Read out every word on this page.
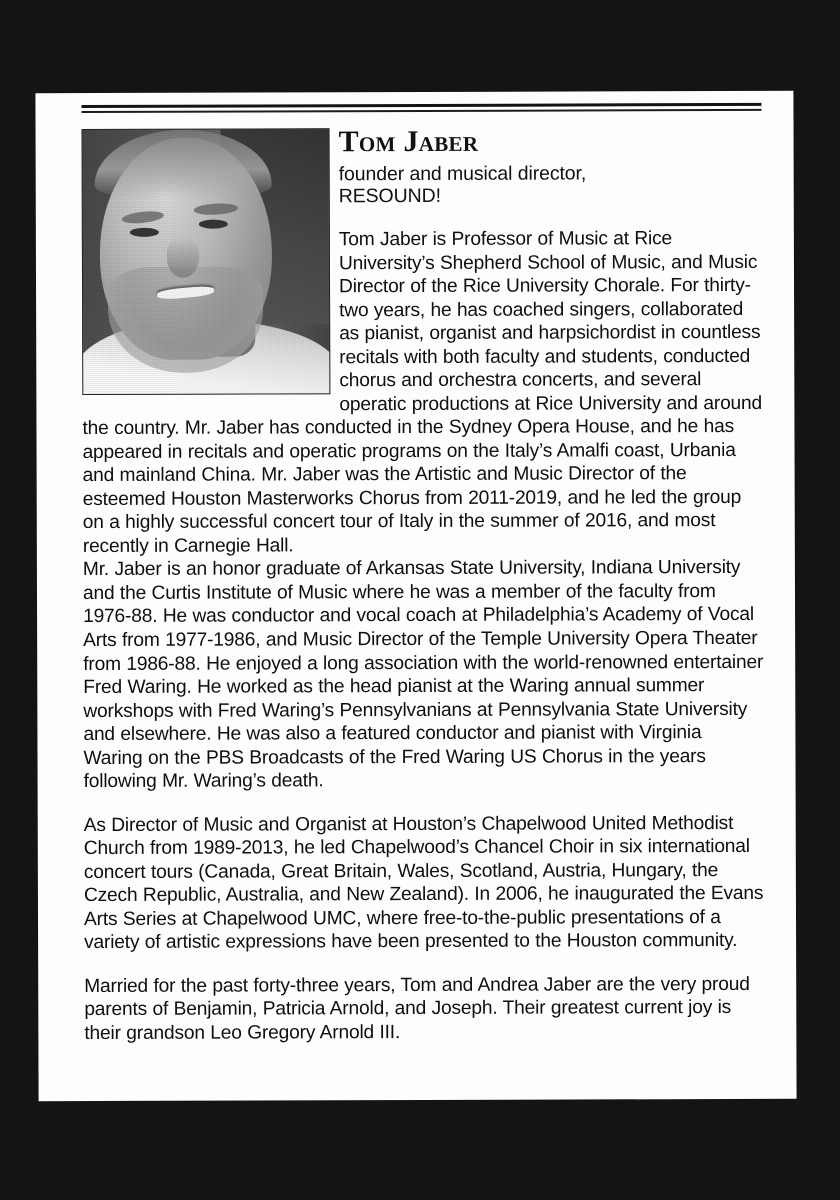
Tom Jaber
founder and musical director,
RESOUND!

Tom Jaber is Professor of Music at Rice University’s Shepherd School of Music, and Music Director of the Rice University Chorale. For thirty-two years, he has coached singers, collaborated as pianist, organist and harpsichordist in countless recitals with both faculty and students, conducted chorus and orchestra concerts, and several operatic productions at Rice University and around the country. Mr. Jaber has conducted in the Sydney Opera House, and he has appeared in recitals and operatic programs on the Italy’s Amalfi coast, Urbania and mainland China. Mr. Jaber was the Artistic and Music Director of the esteemed Houston Masterworks Chorus from 2011-2019, and he led the group on a highly successful concert tour of Italy in the summer of 2016, and most recently in Carnegie Hall.

Mr. Jaber is an honor graduate of Arkansas State University, Indiana University and the Curtis Institute of Music where he was a member of the faculty from 1976-88. He was conductor and vocal coach at Philadelphia’s Academy of Vocal Arts from 1977-1986, and Music Director of the Temple University Opera Theater from 1986-88. He enjoyed a long association with the world-renowned entertainer Fred Waring. He worked as the head pianist at the Waring annual summer workshops with Fred Waring’s Pennsylvanians at Pennsylvania State University and elsewhere. He was also a featured conductor and pianist with Virginia Waring on the PBS Broadcasts of the Fred Waring US Chorus in the years following Mr. Waring’s death.

As Director of Music and Organist at Houston’s Chapelwood United Methodist Church from 1989-2013, he led Chapelwood’s Chancel Choir in six international concert tours (Canada, Great Britain, Wales, Scotland, Austria, Hungary, the Czech Republic, Australia, and New Zealand). In 2006, he inaugurated the Evans Arts Series at Chapelwood UMC, where free-to-the-public presentations of a variety of artistic expressions have been presented to the Houston community.

Married for the past forty-three years, Tom and Andrea Jaber are the very proud parents of Benjamin, Patricia Arnold, and Joseph. Their greatest current joy is their grandson Leo Gregory Arnold III.
